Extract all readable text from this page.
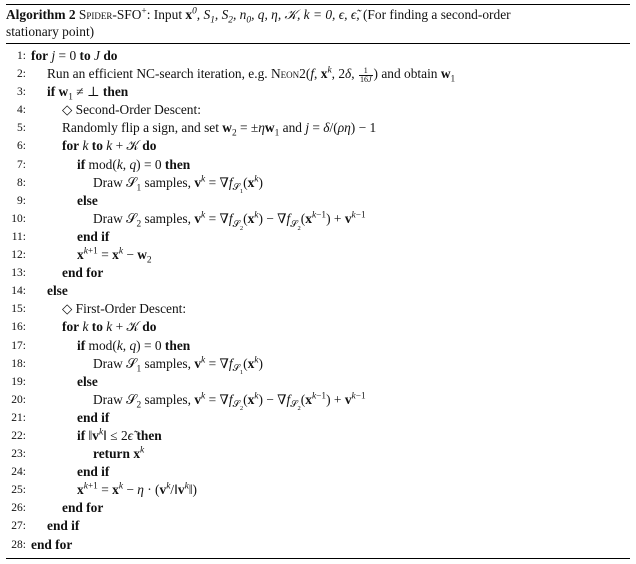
Algorithm 2 Spider-SFO+: Input $x^0$, $S_1$, $S_2$, $n_0$, q, η, 𝒦, k = 0, ϵ, ϵ̃, (For finding a second-order
stationary point)
1: for j = 0 to J do
2: Run an efficient NC-search iteration, e.g. Neon2(f, $x^k$, 2δ, $\frac{1}{16J}$ ) and obtain $w_1$
3: if $w_1$ ≠ ⊥ then
4:	◇ Second-Order Descent:
5:	Randomly flip a sign, and set $w_2 = \pm\eta w_1$ and j = δ/(ρη) − 1
6:	for k to k + 𝒦 do
7:	if mod(k, q) = 0 then
8:	Draw 𝒮$_1$ samples, $v^k = \nabla f_{𝒮_1}(x^k)$
9:	else
10:	Draw 𝒮$_2$ samples, $v^k = \nabla f_{𝒮_2}(x^k) - \nabla f_{𝒮_2}(x^{k-1}) + v^{k-1}$
11:	end if
12:	$x^{k+1} = x^k - w_2$
13:	end for
14: else
15:	◇ First-Order Descent:
16:	for k to k + 𝒦 do
17:	if mod(k, q) = 0 then
18:	Draw 𝒮$_1$ samples, $v^k = \nabla f_{𝒮_1}(x^k)$
19:	else
20:	Draw 𝒮$_2$ samples, $v^k = \nabla f_{𝒮_2}(x^k) - \nabla f_{𝒮_2}(x^{k-1}) + v^{k-1}$
21:	end if
22:	if $‖v^k‖$ ≤ 2ϵ̃ then
23:	return $x^k$
24:	end if
25:	$x^{k+1} = x^k - \eta$ · $(v^k/‖v^k‖)$
26:	end for
27: end if
28: end for
